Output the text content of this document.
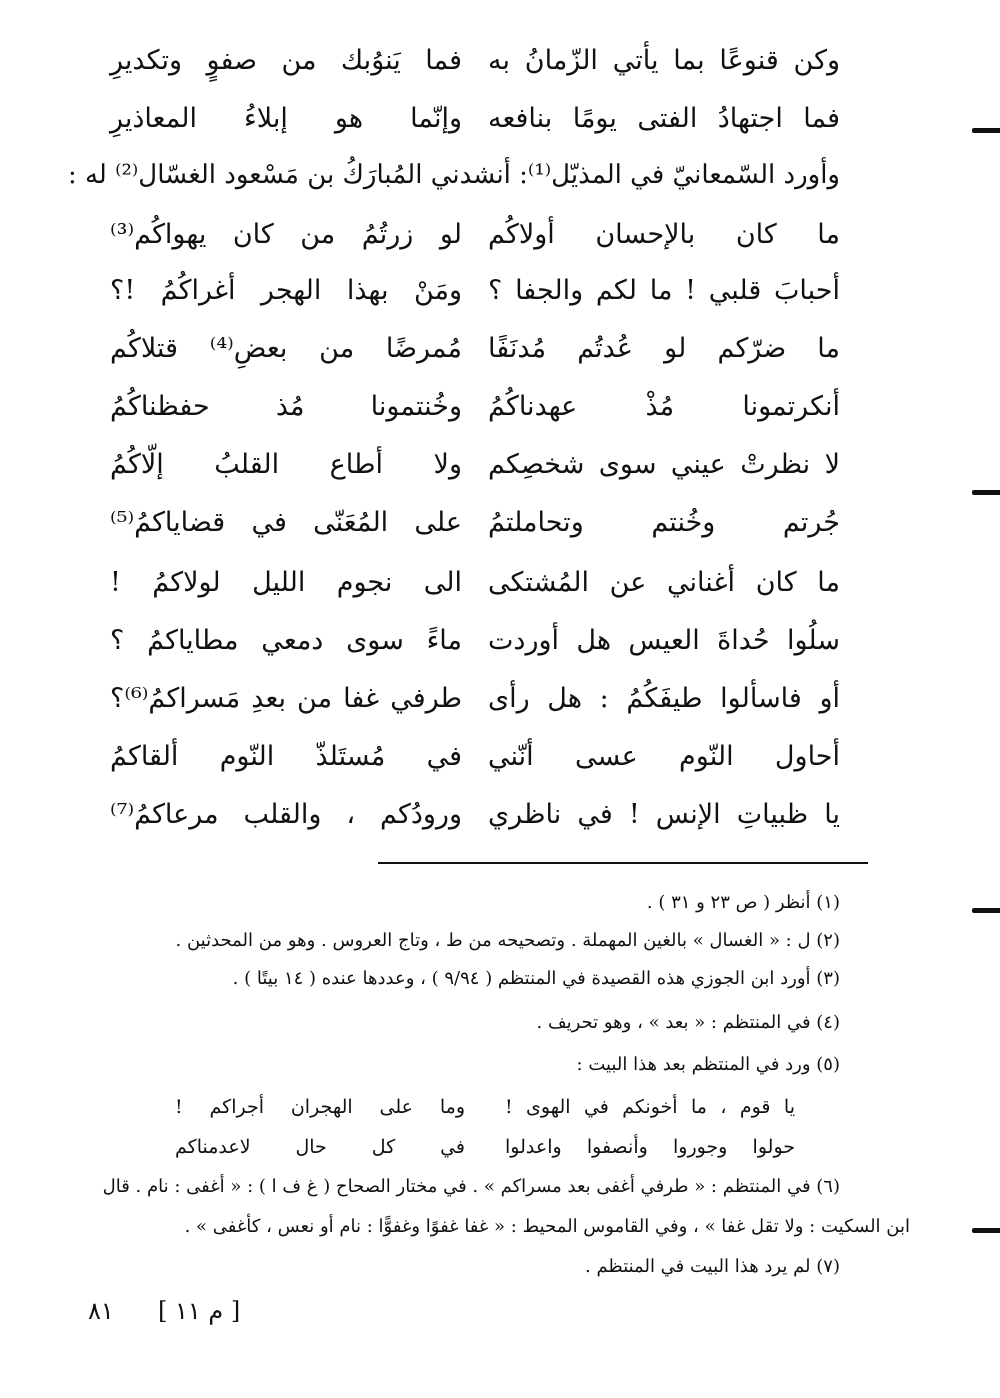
وكن قنوعًا بما يأتي الزّمانُ به
فما يَنوُبك من صفوٍ وتكديرِ
فما اجتهادُ الفتى يومًا بنافعه
وإنّما هو إبلاءُ المعاذيرِ
وأورد السّمعانيّ في المذيّل⁽¹⁾: أنشدني المُبارَكُ بن مَسْعود الغسّال⁽²⁾ له :
ما كان بالإحسان أولاكُم
لو زرتُمُ من كان يهواكُم⁽³⁾
أحبابَ قلبي ! ما لكم والجفا ؟
ومَنْ بهذا الهجر أغراكُمُ !؟
ما ضرّكم لو عُدتُم مُدنَفًا
مُمرضًا من بعضِ⁽⁴⁾ قتلاكُم
أنكرتمونا مُذْ عهدناكُمُ
وخُنتمونا مُذ حفظناكُمُ
لا نظرتْ عيني سوى شخصِكم
ولا أطاع القلبُ إلّاكُمُ
جُرتم وخُنتم وتحاملتمُ
على المُعَنّى في قضاياكمُ⁽⁵⁾
ما كان أغناني عن المُشتكى
الى نجوم الليل لولاكمُ !
سلُوا حُداةَ العيس هل أوردت
ماءً سوى دمعي مطاياكمُ ؟
أو فاسألوا طيفَكُمُ : هل رأى
طرفي غفا من بعدِ مَسراكمُ⁽⁶⁾؟
أحاول النّوم عسى أنّني
في مُستَلذّ النّوم ألقاكمُ
يا ظبياتِ الإنس ! في ناظري
ورودُكم ، والقلب مرعاكمُ⁽⁷⁾
(١) أنظر ( ص ٢٣ و ٣١ ) .
(٢) ل : « الغسال » بالغين المهملة . وتصحيحه من ط ، وتاج العروس . وهو من المحدثين .
(٣) أورد ابن الجوزي هذه القصيدة في المنتظم ( ٩/٩٤ ) ، وعددها عنده ( ١٤ بيتًا ) .
(٤) في المنتظم : « بعد » ، وهو تحريف .
(٥) ورد في المنتظم بعد هذا البيت :
يا قوم ، ما أخونكم في الهوى !
وما على الهجران أجراكم !
حولوا وجوروا وأنصفوا واعدلوا
في كل حال لاعدمناكم
(٦) في المنتظم : « طرفي أغفى بعد مسراكم » . في مختار الصحاح ( غ ف ا ) : « أغفى : نام . قال
ابن السكيت : ولا تقل غفا » ، وفي القاموس المحيط : « غفا غفوًا وغفوًّا : نام أو نعس ، كأغفى » .
(٧) لم يرد هذا البيت في المنتظم .
٨١ [ م ١١ ]
